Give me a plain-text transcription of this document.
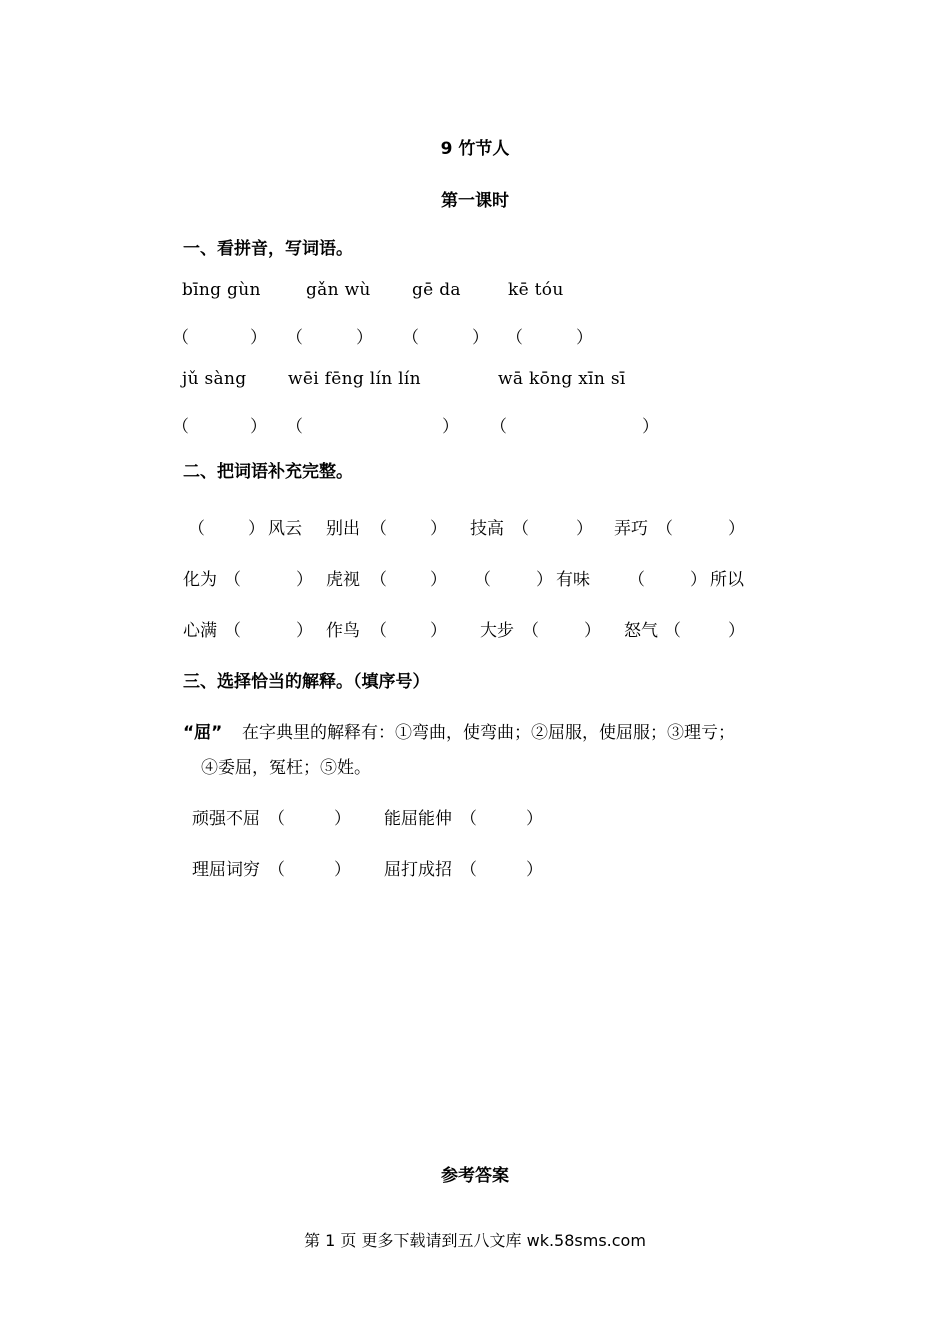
9 竹节人
第一课时
一、看拼音，写词语。
bīng gùn	gǎn wù gē da	kē tóu
（	） （	） （	） （	）
jǔ sàng wēi fēng lín lín	wā kōng xīn sī
（	） （	） （	）
二、把词语补充完整。
（	） 风云 别出 （	） 技高 （	） 弄巧 （	）
化为 （	） 虎视 （	） （	） 有味 （	） 所以
心满 （	） 作鸟 （	） 大步 （	） 怒气 （	）
三、选择恰当的解释。（填序号）
“屈” 在字典里的解释有：①弯曲，使弯曲；②屈服，使屈服；③理亏；
④委屈，冤枉；⑤姓。
顽强不屈 （	） 能屈能伸 （	）
理屈词穷 （	） 屈打成招 （	）
参考答案
第 1 页 更多下载请到五八文库 wk.58sms.com
